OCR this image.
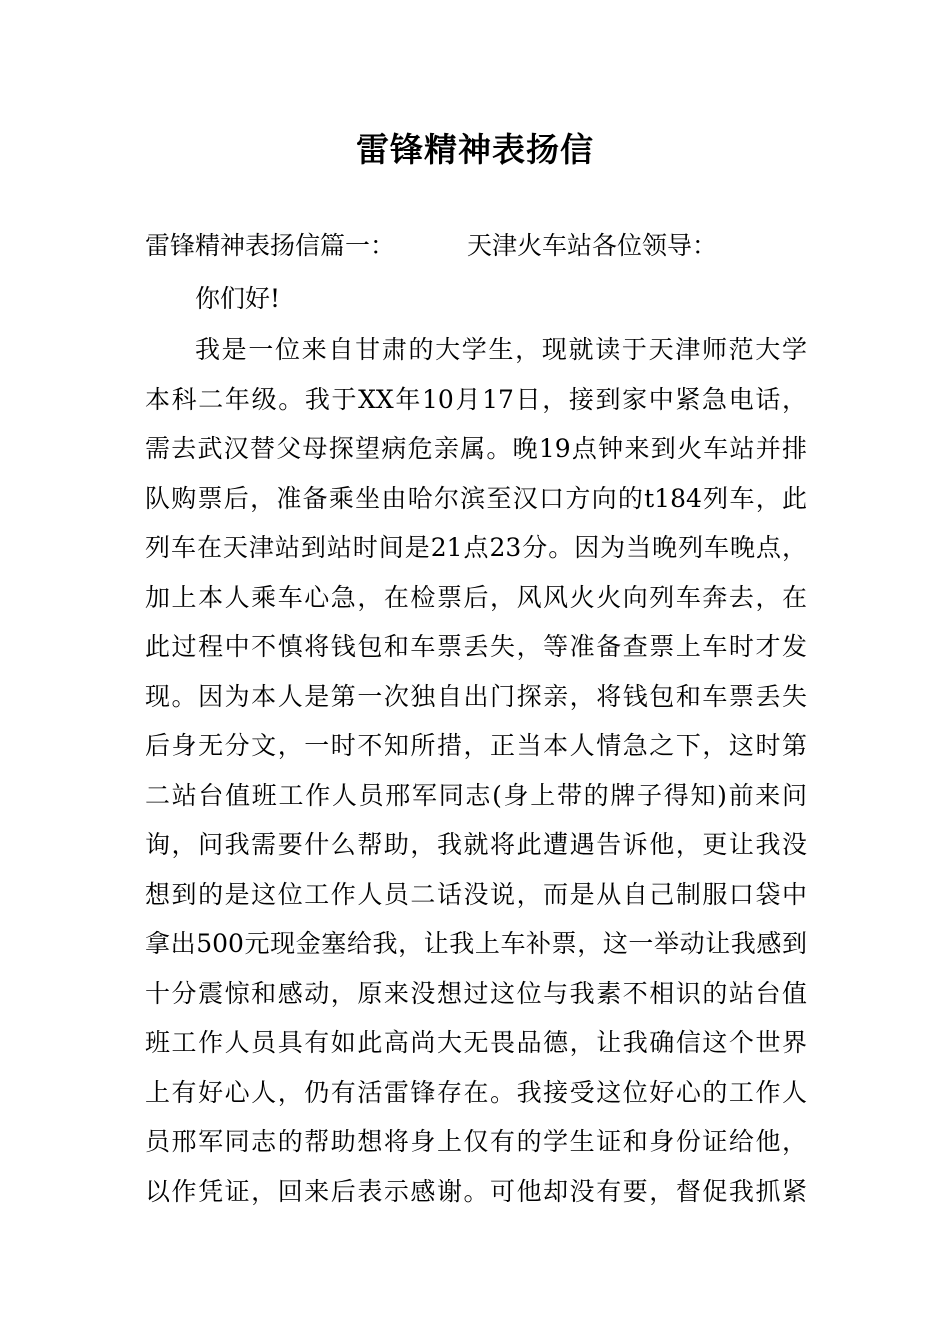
雷锋精神表扬信
雷锋精神表扬信篇一：	天津火车站各位领导：
你们好!
我是一位来自甘肃的大学生，现就读于天津师范大学
本科二年级。我于XX年10月17日，接到家中紧急电话，
需去武汉替父母探望病危亲属。晚19点钟来到火车站并排
队购票后，准备乘坐由哈尔滨至汉口方向的t184列车，此
列车在天津站到站时间是21点23分。因为当晚列车晚点，
加上本人乘车心急，在检票后，风风火火向列车奔去，在
此过程中不慎将钱包和车票丢失，等准备查票上车时才发
现。因为本人是第一次独自出门探亲，将钱包和车票丢失
后身无分文，一时不知所措，正当本人情急之下，这时第
二站台值班工作人员邢军同志(身上带的牌子得知)前来问
询，问我需要什么帮助，我就将此遭遇告诉他，更让我没
想到的是这位工作人员二话没说，而是从自己制服口袋中
拿出500元现金塞给我，让我上车补票，这一举动让我感到
十分震惊和感动，原来没想过这位与我素不相识的站台值
班工作人员具有如此高尚大无畏品德，让我确信这个世界
上有好心人，仍有活雷锋存在。我接受这位好心的工作人
员邢军同志的帮助想将身上仅有的学生证和身份证给他，
以作凭证，回来后表示感谢。可他却没有要，督促我抓紧
